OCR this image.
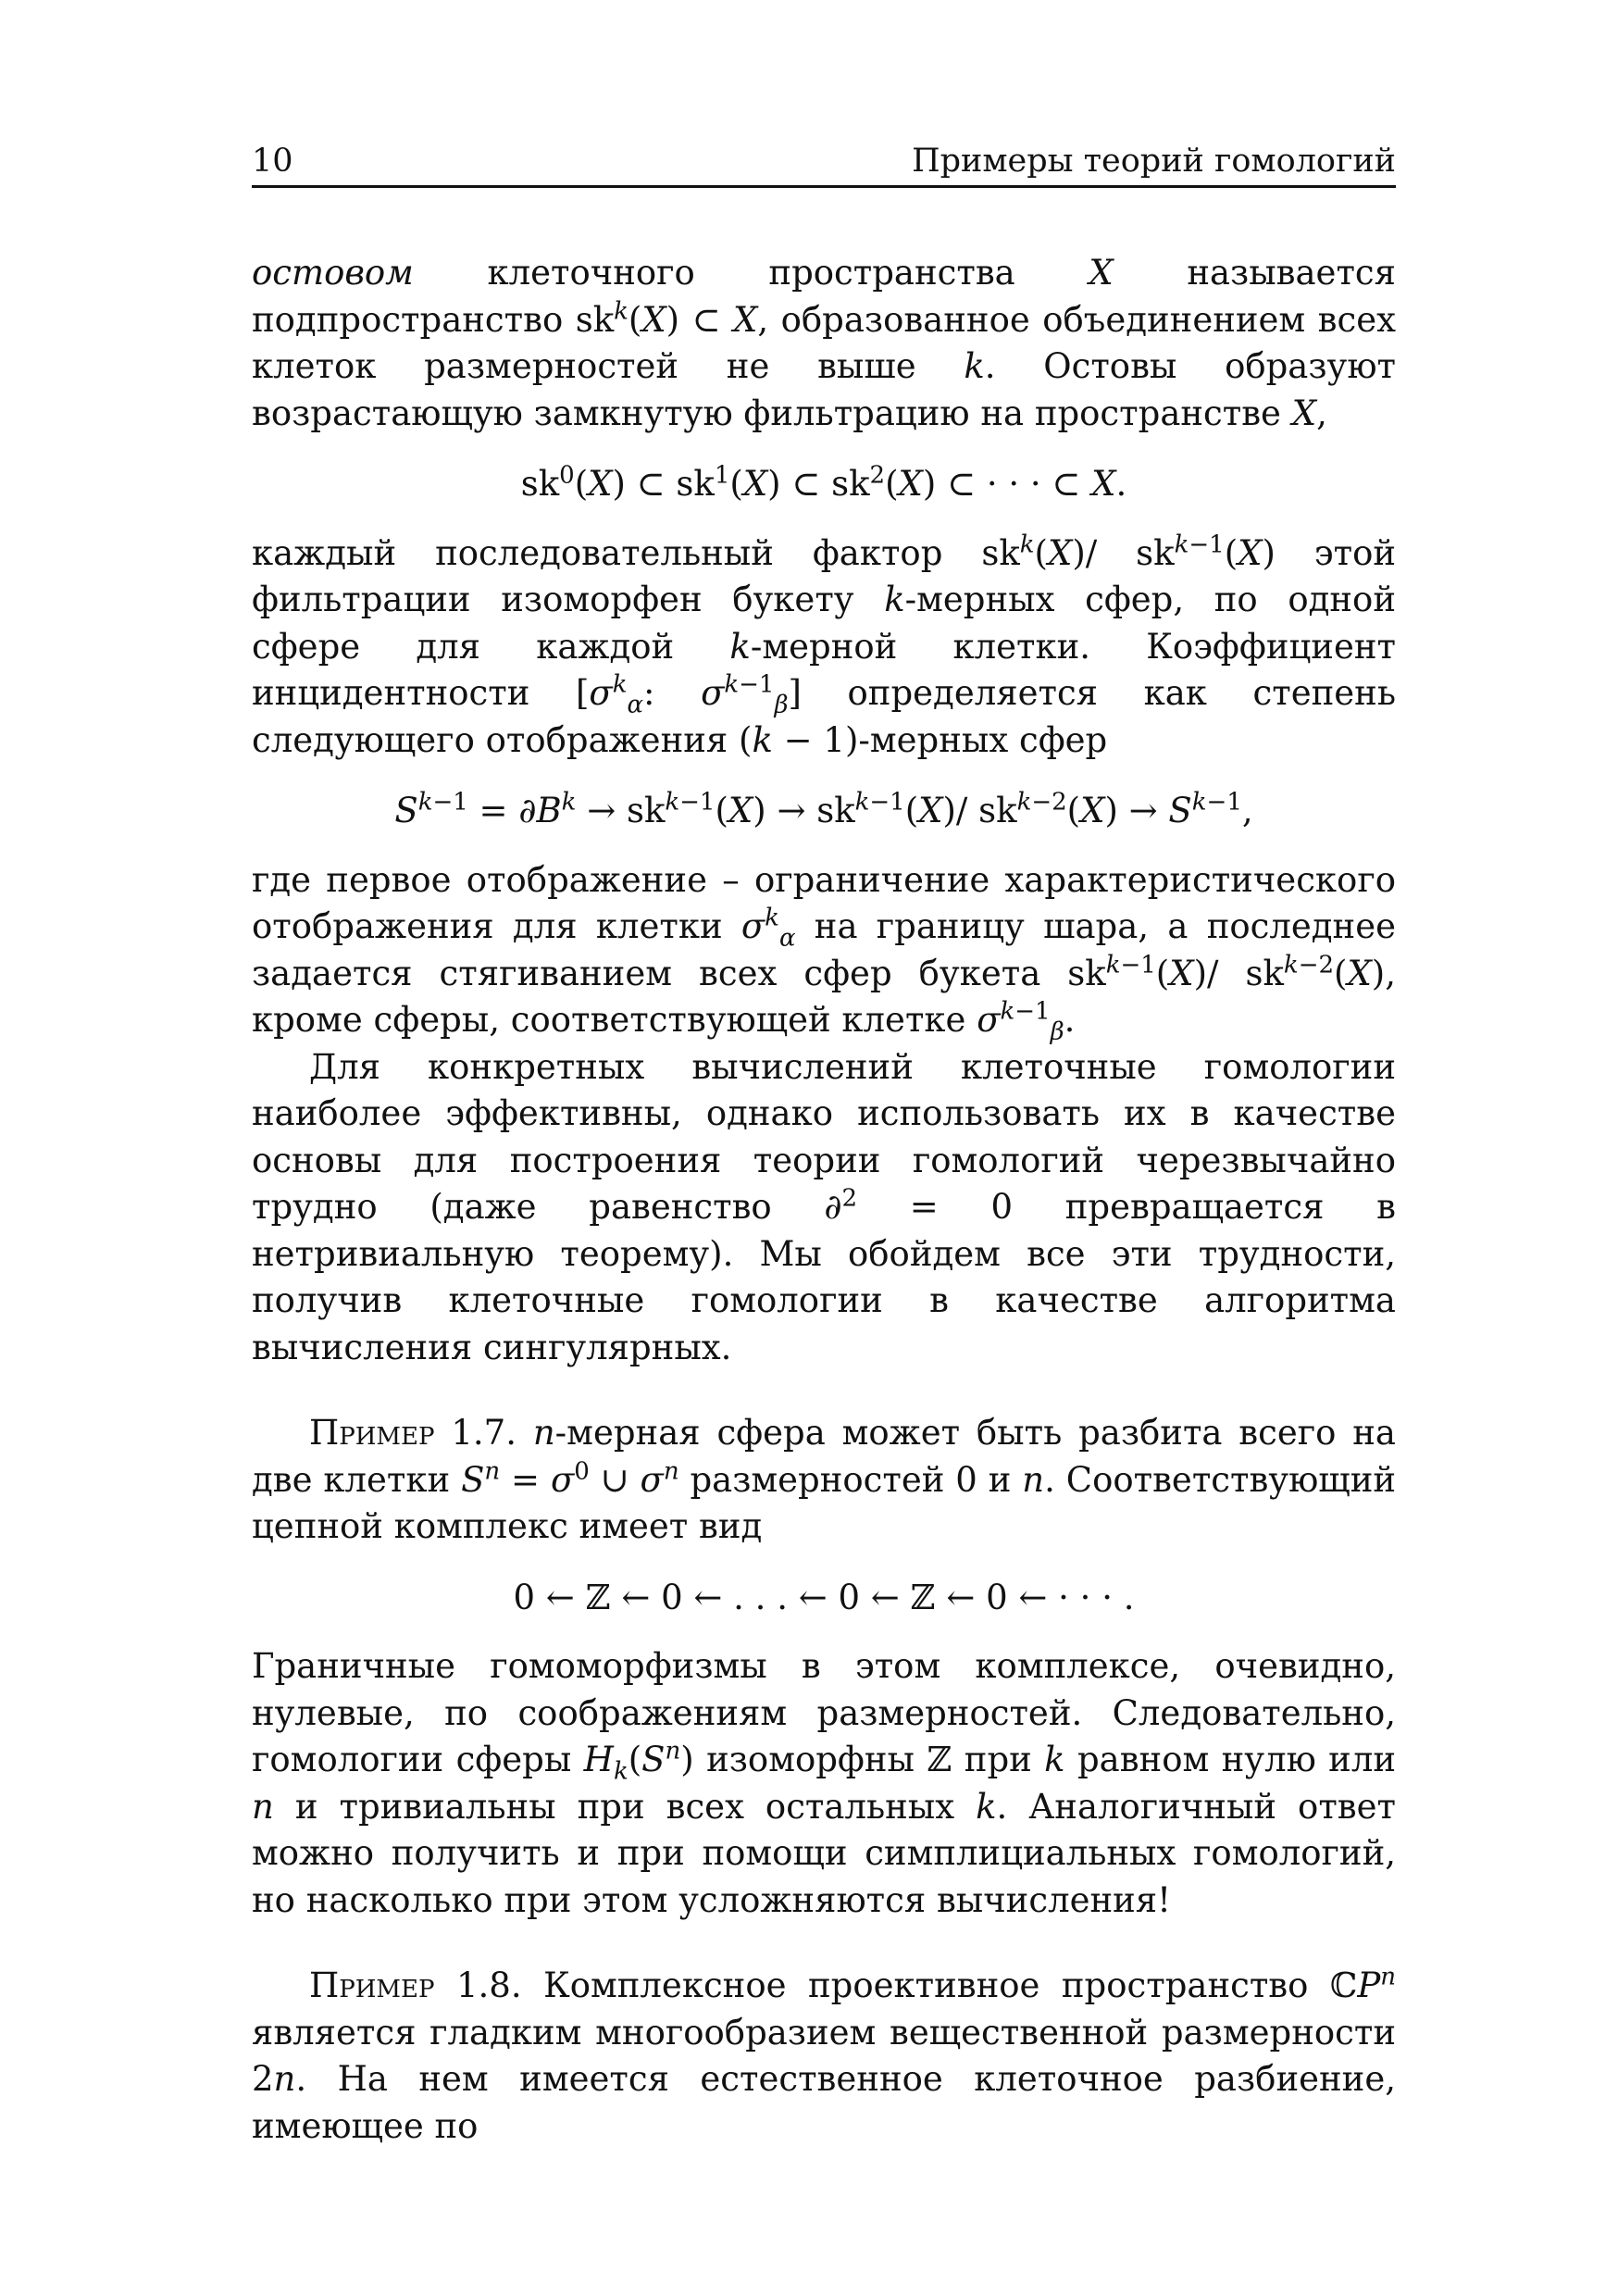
10	Примеры теорий гомологий

остовом клеточного пространства X называется подпространство $sk^k(X)$ ⊂ X, образованное объединением всех клеток размерностей не выше k. Остовы образуют возрастающую замкнутую фильтрацию на пространстве X,

$sk^0(X)$ ⊂ $sk^1(X)$ ⊂ $sk^2(X)$ ⊂ · · · ⊂ X.

каждый последовательный фактор $sk^k(X)/$ $sk^{k-1}(X)$ этой фильтрации изоморфен букету k-мерных сфер, по одной сфере для каждой k-мерной клетки. Коэффициент инцидентности [$\sigma^k_\alpha$: $\sigma^{k-1}_\beta$] определяется как степень следующего отображения (k − 1)-мерных сфер

$S^{k-1} = \partial B^k \to sk^{k-1}(X) \to sk^{k-1}(X)/$ $sk^{k-2}(X) \to S^{k-1}$,

где первое отображение – ограничение характеристического отображения для клетки $\sigma^k_\alpha$ на границу шара, а последнее задается стягиванием всех сфер букета $sk^{k-1}(X)/$ $sk^{k-2}(X)$, кроме сферы, соответствующей клетке $\sigma^{k-1}_\beta$.

Для конкретных вычислений клеточные гомологии наиболее эффективны, однако использовать их в качестве основы для построения теории гомологий черезвычайно трудно (даже равенство ∂$^2$ = 0 превращается в нетривиальную теорему). Мы обойдем все эти трудности, получив клеточные гомологии в качестве алгоритма вычисления сингулярных.

Пример 1.7. n-мерная сфера может быть разбита всего на две клетки $S^n = \sigma^0$ ∪ $\sigma^n$ размерностей 0 и n. Соответствующий цепной комплекс имеет вид

0 ← ℤ ← 0 ← . . . ← 0 ← ℤ ← 0 ← · · · .

Граничные гомоморфизмы в этом комплексе, очевидно, нулевые, по соображениям размерностей. Следовательно, гомологии сферы $H_k(S^n)$ изоморфны ℤ при k равном нулю или n и тривиальны при всех остальных k. Аналогичный ответ можно получить и при помощи симплициальных гомологий, но насколько при этом усложняются вычисления!

Пример 1.8. Комплексное проективное пространство ℂP$^n$ является гладким многообразием вещественной размерности 2n. На нем имеется естественное клеточное разбиение, имеющее по
